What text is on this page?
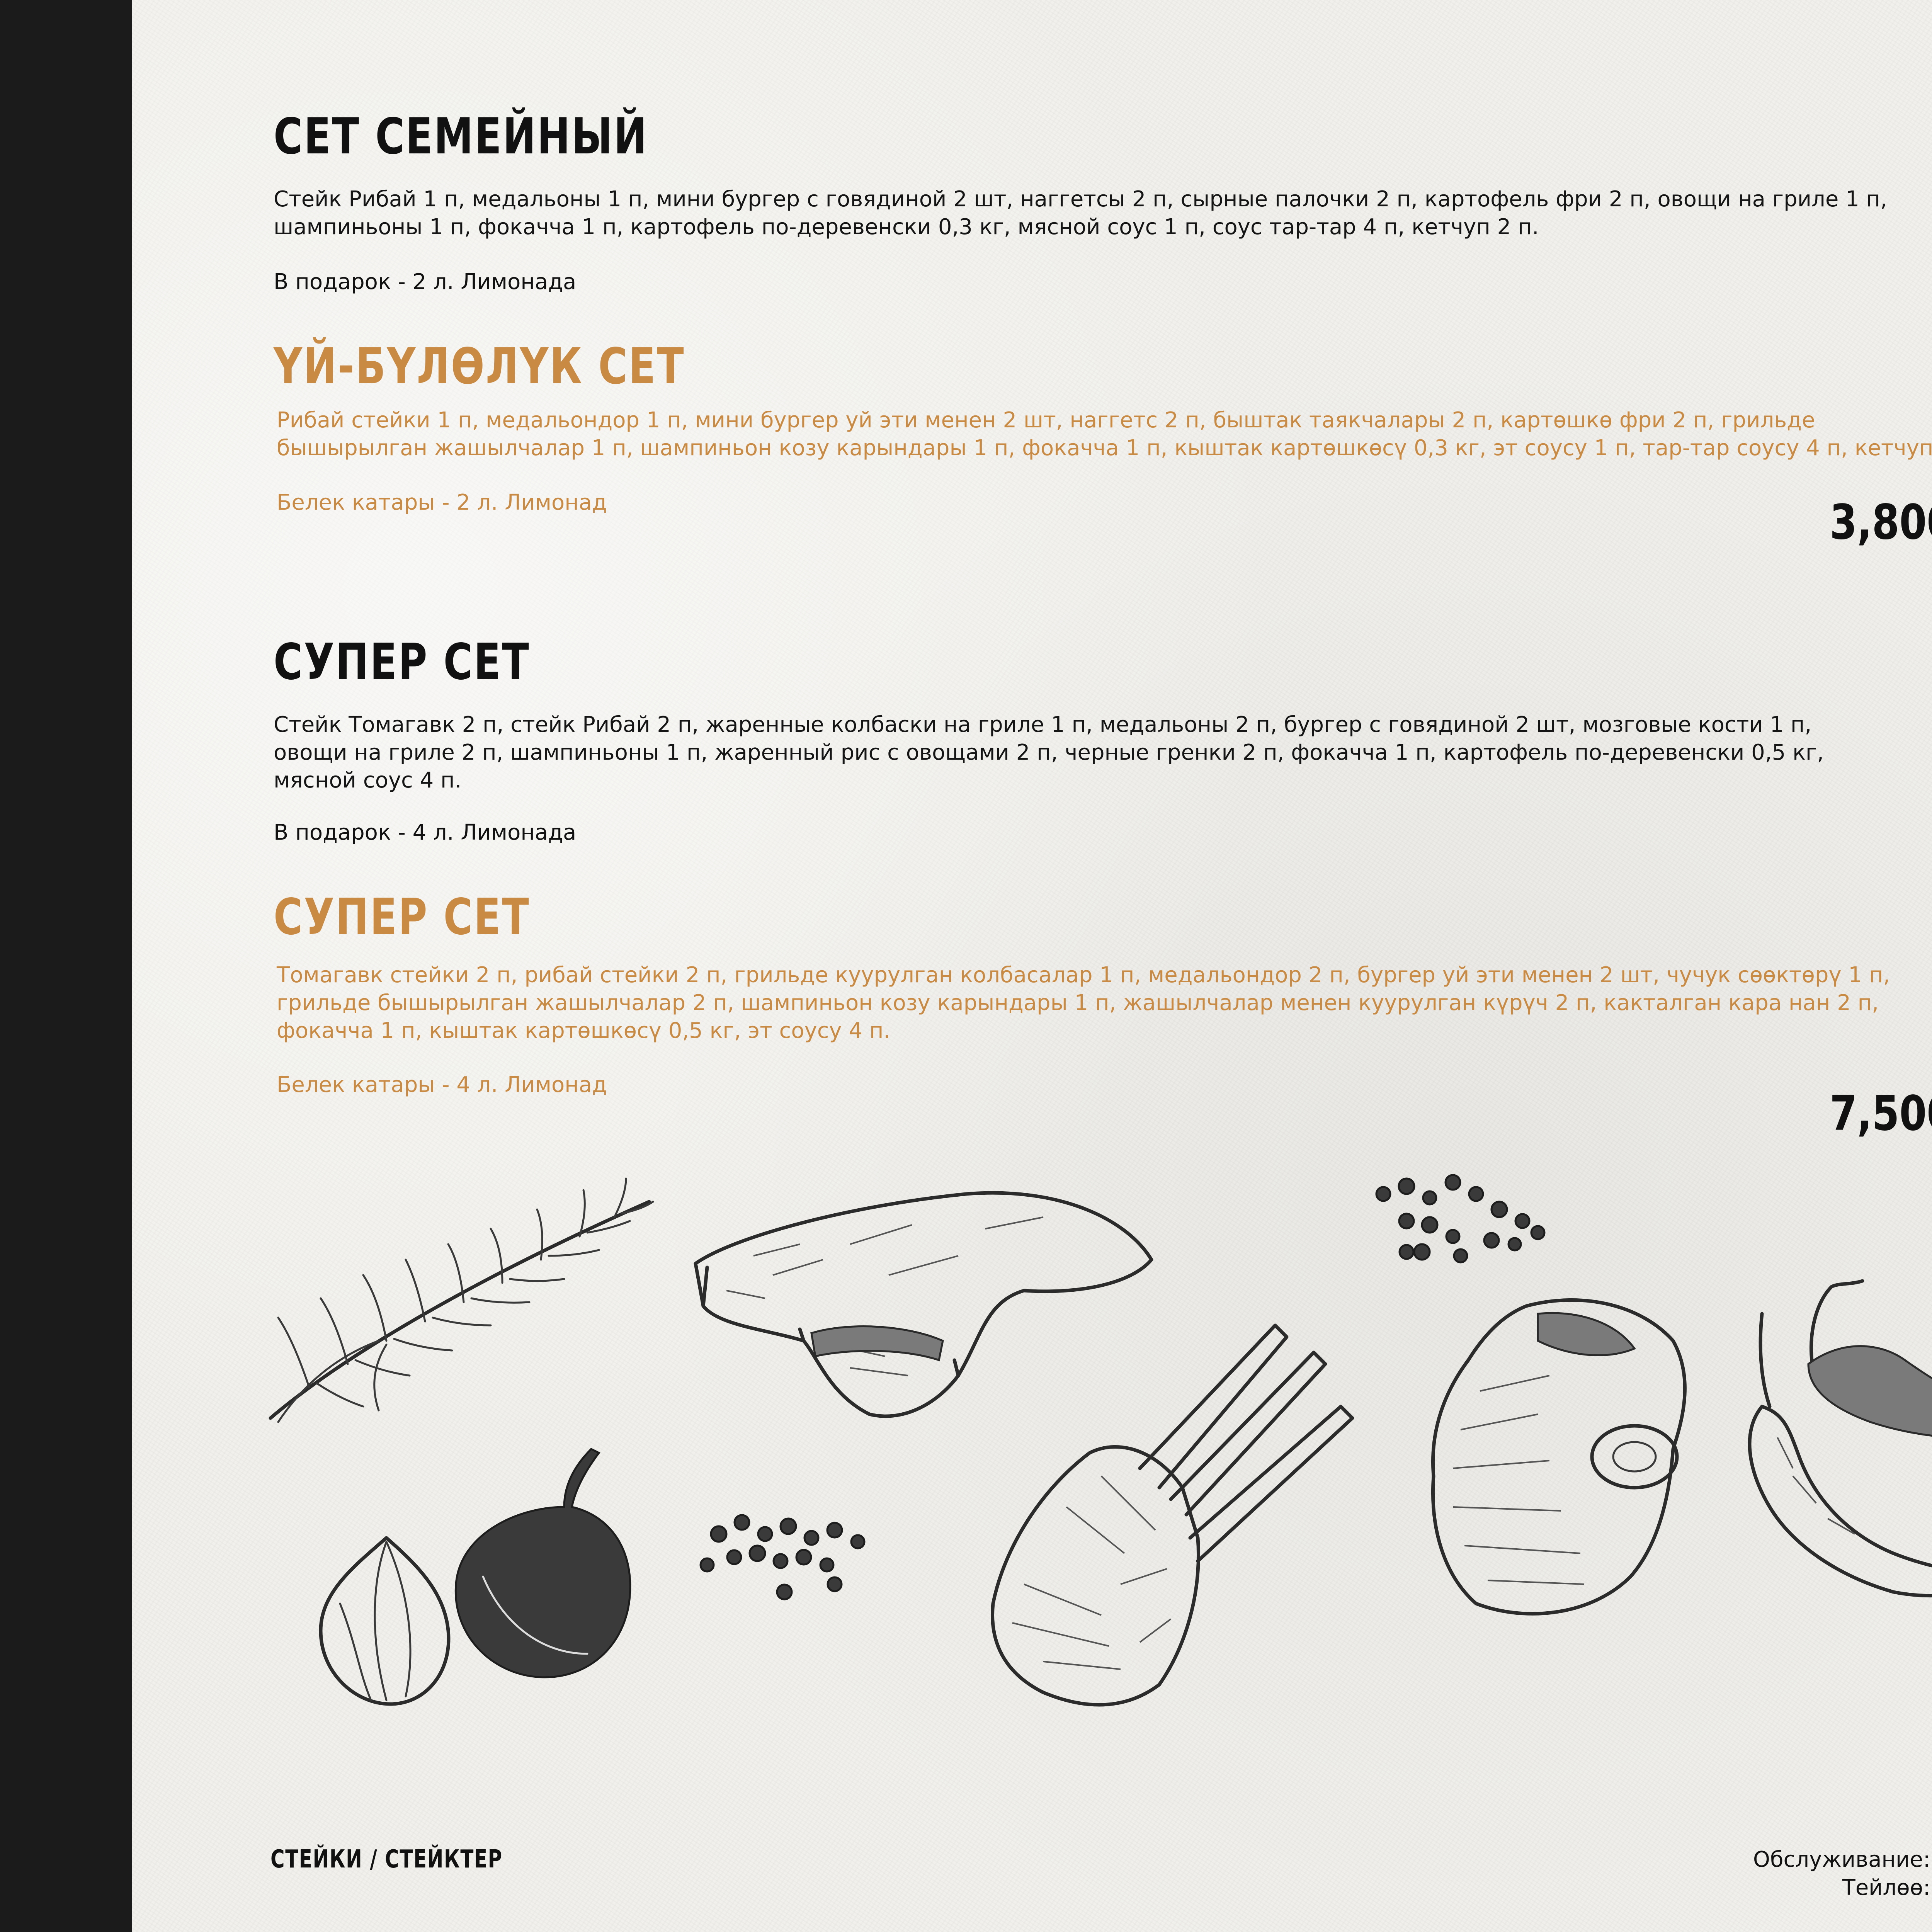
СЕТ СЕМЕЙНЫЙ

Стейк Рибай 1 п, медальоны 1 п, мини бургер с говядиной 2 шт, наггетсы 2 п, сырные палочки 2 п, картофель фри 2 п, овощи на гриле 1 п,

шампиньоны 1 п, фокачча 1 п, картофель по-деревенски 0,3 кг, мясной соус 1 п, соус тар-тар 4 п, кетчуп 2 п.

В подарок - 2 л. Лимонада

ҮЙ-БҮЛӨЛҮК СЕТ

Рибай стейки 1 п, медальондор 1 п, мини бургер уй эти менен 2 шт, наггетс 2 п, быштак таякчалары 2 п, картөшкө фри 2 п, грильде

бышырылган жашылчалар 1 п, шампиньон козу карындары 1 п, фокачча 1 п, кыштак картөшкөсү 0,3 кг, эт соусу 1 п, тар-тар соусу 4 п, кетчуп 2 п.

Белек катары - 2 л. Лимонад	3,80

СУПЕР СЕТ

Стейк Томагавк 2 п, стейк Рибай 2 п, жаренные колбаски на гриле 1 п, медальоны 2 п, бургер с говядиной 2 шт, мозговые кости 1 п,

овощи на гриле 2 п, шампиньоны 1 п, жаренный рис с овощами 2 п, черные гренки 2 п, фокачча 1 п, картофель по-деревенски 0,5 кг,

мясной соус 4 п.

В подарок - 4 л. Лимонада

СУПЕР СЕТ

Томагавк стейки 2 п, рибай стейки 2 п, грильде куурулган колбасалар 1 п, медальондор 2 п, бургер уй эти менен 2 шт, чучук сөөктөрү 1 п,

грильде бышырылган жашылчалар 2 п, шампиньон козу карындары 1 п, жашылчалар менен куурулган күрүч 2 п, какталган кара нан 2 п,

фокачча 1 п, кыштак картөшкөсү 0,5 кг, эт соусу 4 п.

Белек катары - 4 л. Лимонад

7,50

СТЕЙКИ / СТЕЙКТЕР	Обслуживание:

Тейлөө:
